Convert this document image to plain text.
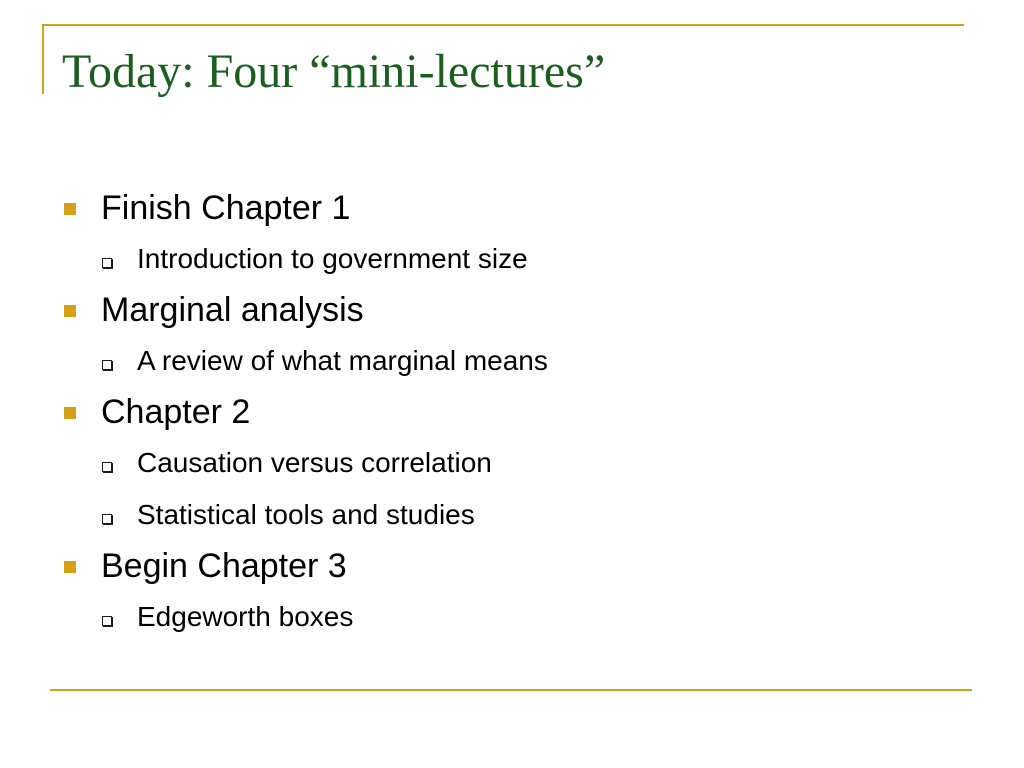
Today: Four “mini-lectures”
Finish Chapter 1
Introduction to government size
Marginal analysis
A review of what marginal means
Chapter 2
Causation versus correlation
Statistical tools and studies
Begin Chapter 3
Edgeworth boxes
